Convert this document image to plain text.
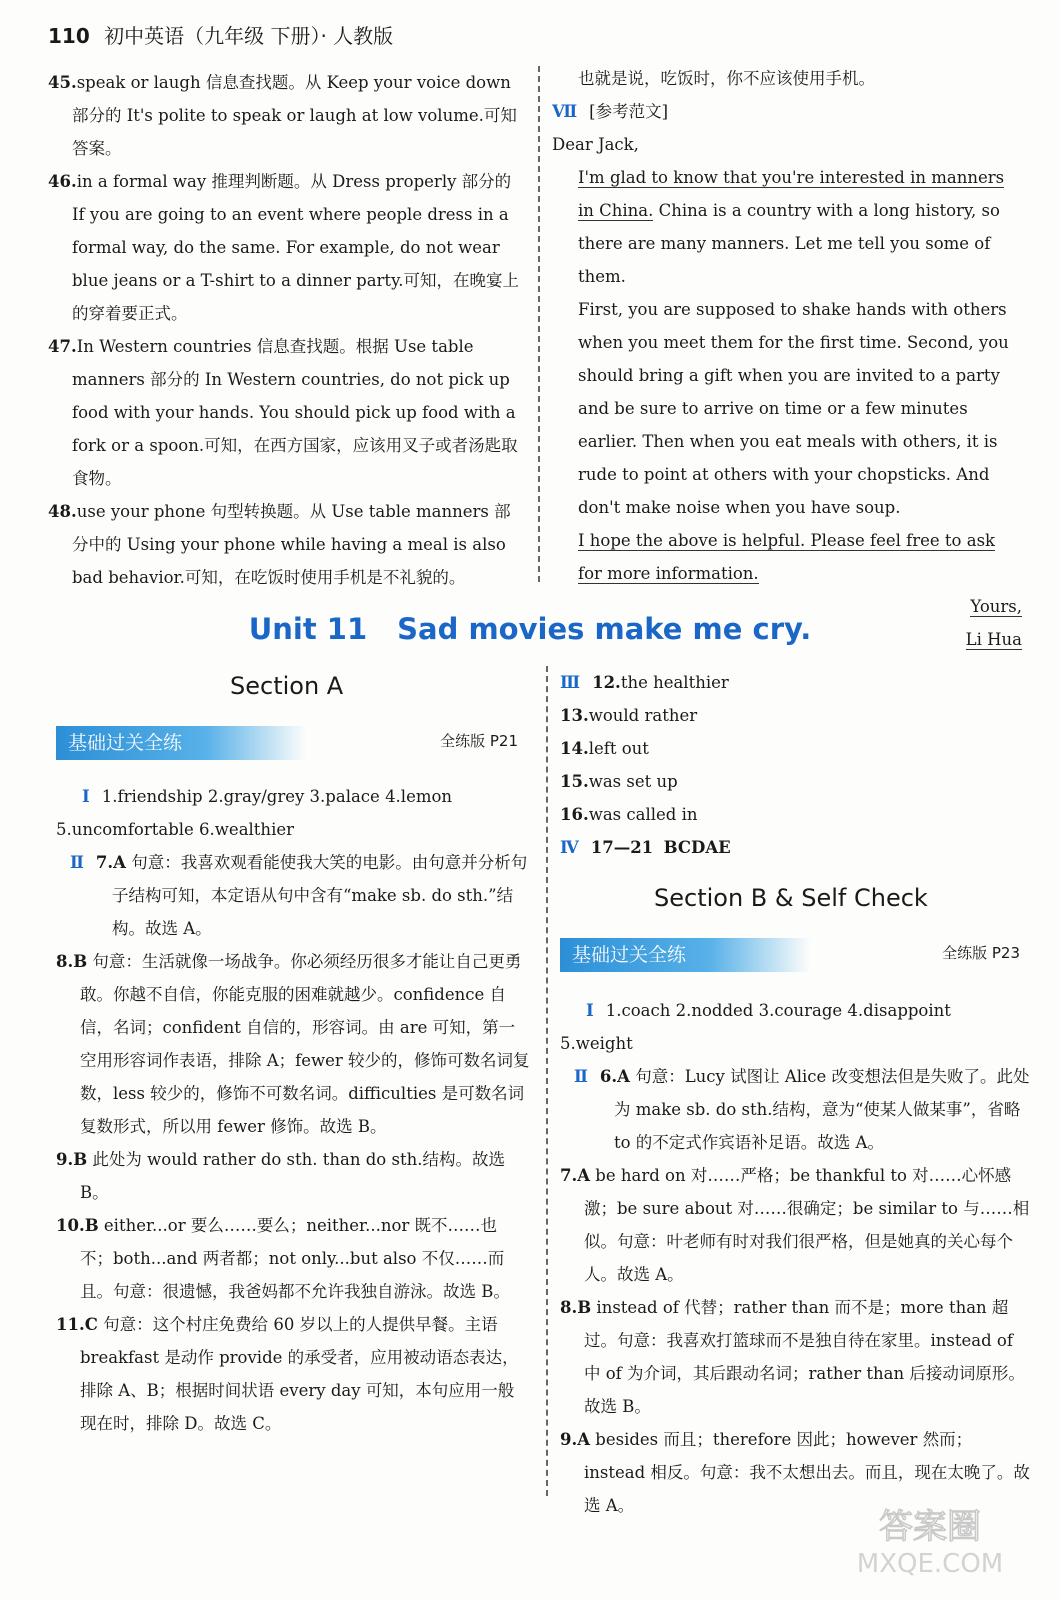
110 初中英语（九年级 下册）· 人教版

45.speak or laugh 信息查找题。从 Keep your voice down 部分的 It's polite to speak or laugh at low volume.可知答案。

46.in a formal way 推理判断题。从 Dress properly 部分的 If you are going to an event where people dress in a formal way, do the same. For example, do not wear blue jeans or a T-shirt to a dinner party.可知，在晚宴上的穿着要正式。

47.In Western countries 信息查找题。根据 Use table manners 部分的 In Western countries, do not pick up food with your hands. You should pick up food with a fork or a spoon.可知，在西方国家，应该用叉子或者汤匙取食物。

48.use your phone 句型转换题。从 Use table manners 部分中的 Using your phone while having a meal is also bad behavior.可知，在吃饭时使用手机是不礼貌的。

也就是说，吃饭时，你不应该使用手机。

Ⅶ [参考范文]

Dear Jack,

I'm glad to know that you're interested in manners in China. China is a country with a long history, so there are many manners. Let me tell you some of them.

First, you are supposed to shake hands with others when you meet them for the first time. Second, you should bring a gift when you are invited to a party and be sure to arrive on time or a few minutes earlier. Then when you eat meals with others, it is rude to point at others with your chopsticks. And don't make noise when you have soup.

I hope the above is helpful. Please feel free to ask for more information.

Yours,

Li Hua

Unit 11 Sad movies make me cry.
Section A
基础过关全练	全练版 P21

Ⅰ 1.friendship 2.gray/grey 3.palace 4.lemon

5.uncomfortable 6.wealthier

Ⅱ 7.A 句意：我喜欢观看能使我大笑的电影。由句意并分析句子结构可知，本定语从句中含有“make sb. do sth.”结构。故选 A。

8.B 句意：生活就像一场战争。你必须经历很多才能让自己更勇敢。你越不自信，你能克服的困难就越少。confidence 自信，名词；confident 自信的，形容词。由 are 可知，第一空用形容词作表语，排除 A；fewer 较少的，修饰可数名词复数，less 较少的，修饰不可数名词。difficulties 是可数名词复数形式，所以用 fewer 修饰。故选 B。

9.B 此处为 would rather do sth. than do sth.结构。故选 B。

10.B either...or 要么……要么；neither...nor 既不……也不；both...and 两者都；not only...but also 不仅……而且。句意：很遗憾，我爸妈都不允许我独自游泳。故选 B。

11.C 句意：这个村庄免费给 60 岁以上的人提供早餐。主语 breakfast 是动作 provide 的承受者，应用被动语态表达，排除 A、B；根据时间状语 every day 可知，本句应用一般现在时，排除 D。故选 C。

Ⅲ 12.the healthier

13.would rather

14.left out

15.was set up

16.was called in

Ⅳ 17—21 BCDAE

Section B & Self Check
基础过关全练	全练版 P23

Ⅰ 1.coach 2.nodded 3.courage 4.disappoint

5.weight

Ⅱ 6.A 句意：Lucy 试图让 Alice 改变想法但是失败了。此处为 make sb. do sth.结构，意为“使某人做某事”，省略 to 的不定式作宾语补足语。故选 A。

7.A be hard on 对……严格；be thankful to 对……心怀感激；be sure about 对……很确定；be similar to 与……相似。句意：叶老师有时对我们很严格，但是她真的关心每个人。故选 A。

8.B instead of 代替；rather than 而不是；more than 超过。句意：我喜欢打篮球而不是独自待在家里。instead of 中 of 为介词，其后跟动名词；rather than 后接动词原形。故选 B。

9.A besides 而且；therefore 因此；however 然而；instead 相反。句意：我不太想出去。而且，现在太晚了。故选 A。

答案圈
MXQE.COM
